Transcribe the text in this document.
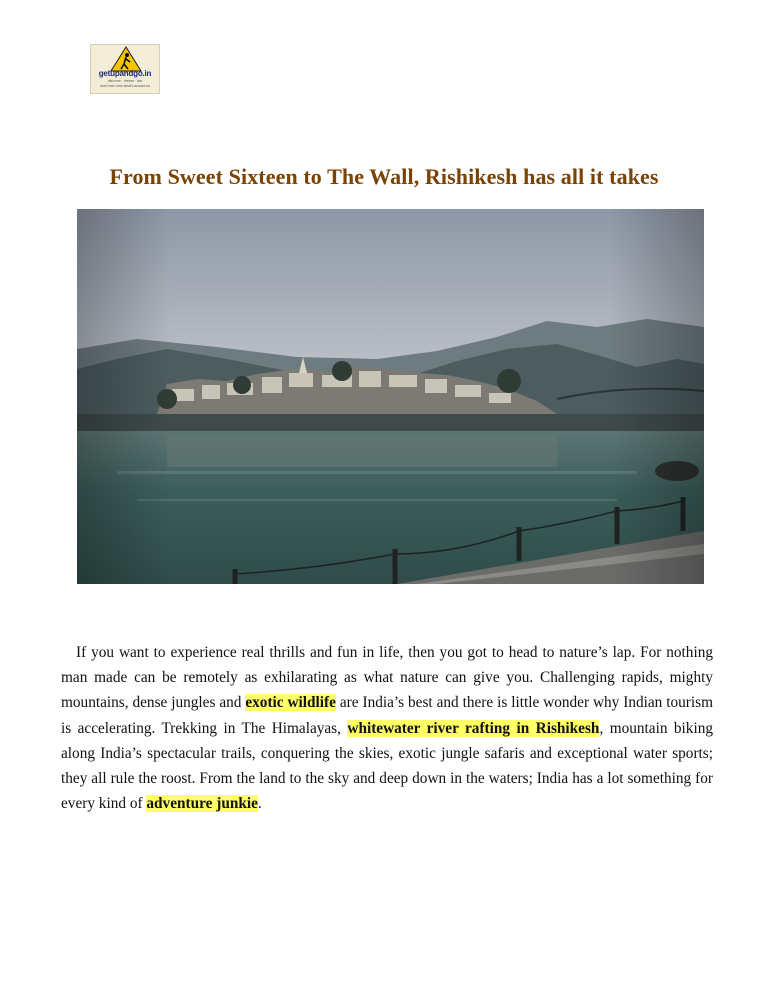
getupandgo.in
discover · dream · live
don't ever lose what's around us
From Sweet Sixteen to The Wall, Rishikesh has all it takes

If you want to experience real thrills and fun in life, then you got to head to nature’s lap. For nothing man made can be remotely as exhilarating as what nature can give you. Challenging rapids, mighty mountains, dense jungles and exotic wildlife are India’s best and there is little wonder why Indian tourism is accelerating. Trekking in The Himalayas, whitewater river rafting in Rishikesh, mountain biking along India’s spectacular trails, conquering the skies, exotic jungle safaris and exceptional water sports; they all rule the roost. From the land to the sky and deep down in the waters; India has a lot something for every kind of adventure junkie.
